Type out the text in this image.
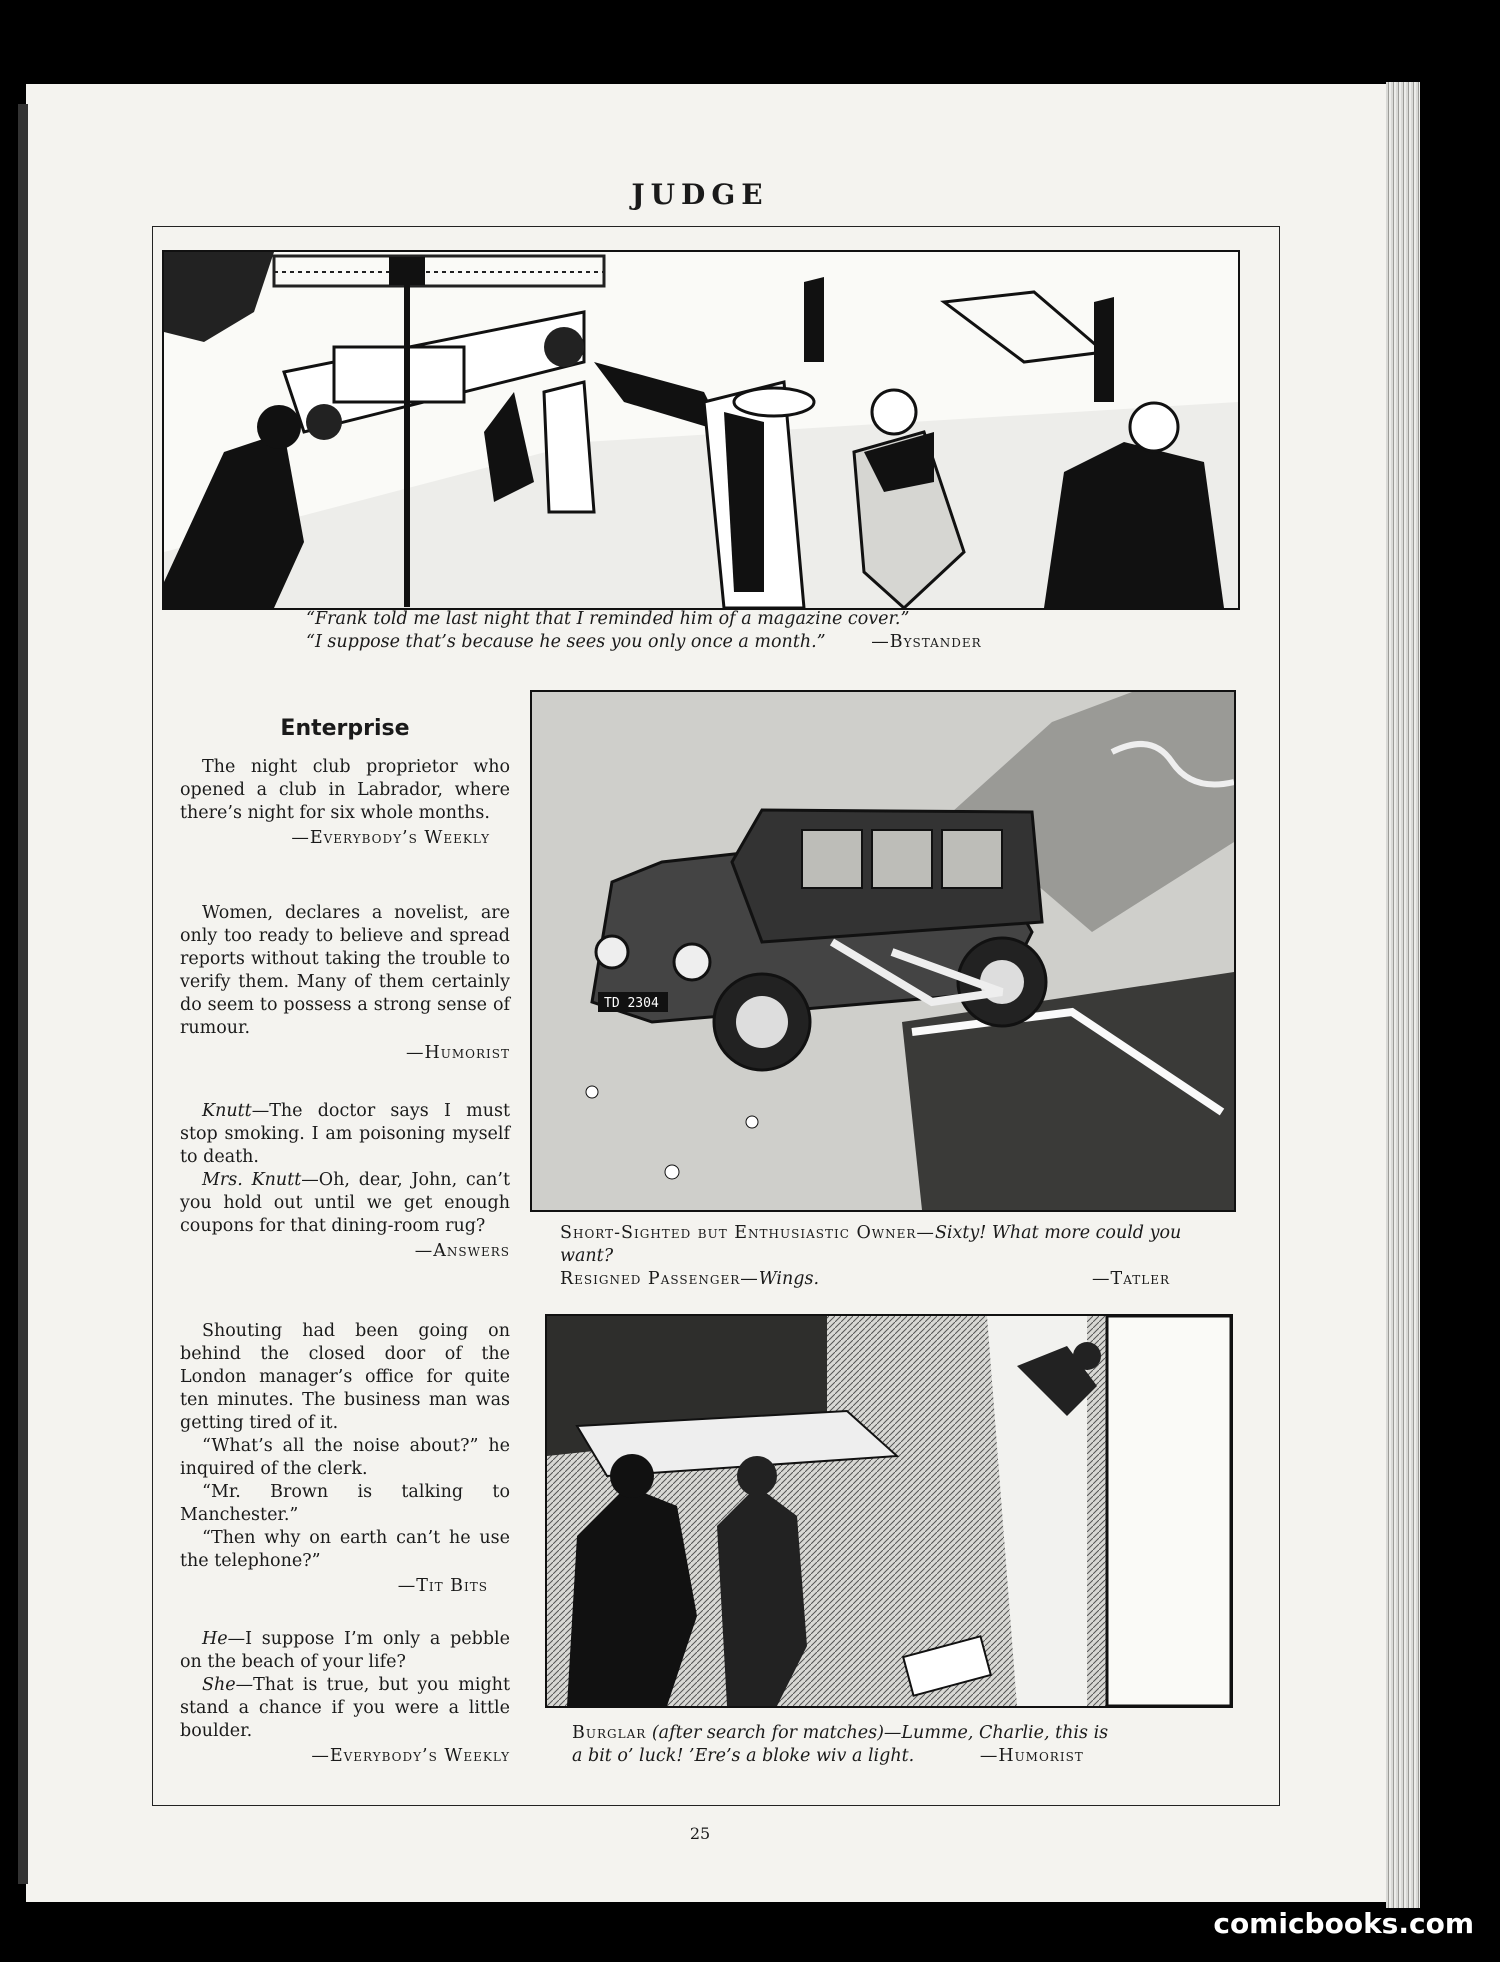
JUDGE
“Frank told me last night that I reminded him of a magazine cover.”
“I suppose that’s because he sees you only once a month.”	—Bystander
Enterprise

The night club proprietor who opened a club in Labrador, where there’s night for six whole months.

—Everybody’s Weekly

Women, declares a novelist, are only too ready to believe and spread reports without taking the trouble to verify them. Many of them certainly do seem to possess a strong sense of rumour.

—Humorist

Knutt—The doctor says I must stop smoking. I am poisoning myself to death.

Mrs. Knutt—Oh, dear, John, can’t you hold out until we get enough coupons for that dining-room rug?

—Answers

Shouting had been going on behind the closed door of the London manager’s office for quite ten minutes. The business man was getting tired of it.

“What’s all the noise about?” he inquired of the clerk.

“Mr. Brown is talking to Manchester.”

“Then why on earth can’t he use the telephone?”

—Tit Bits

He—I suppose I’m only a pebble on the beach of your life?

She—That is true, but you might stand a chance if you were a little boulder.

—Everybody’s Weekly
TD 2304
Short-Sighted but Enthusiastic Owner—Sixty! What more could you want?
Resigned Passenger—Wings.	—Tatler
Burglar (after search for matches)—Lumme, Charlie, this is
a bit o’ luck! ’Ere’s a bloke wiv a light.	—Humorist
25
comicbooks.com
